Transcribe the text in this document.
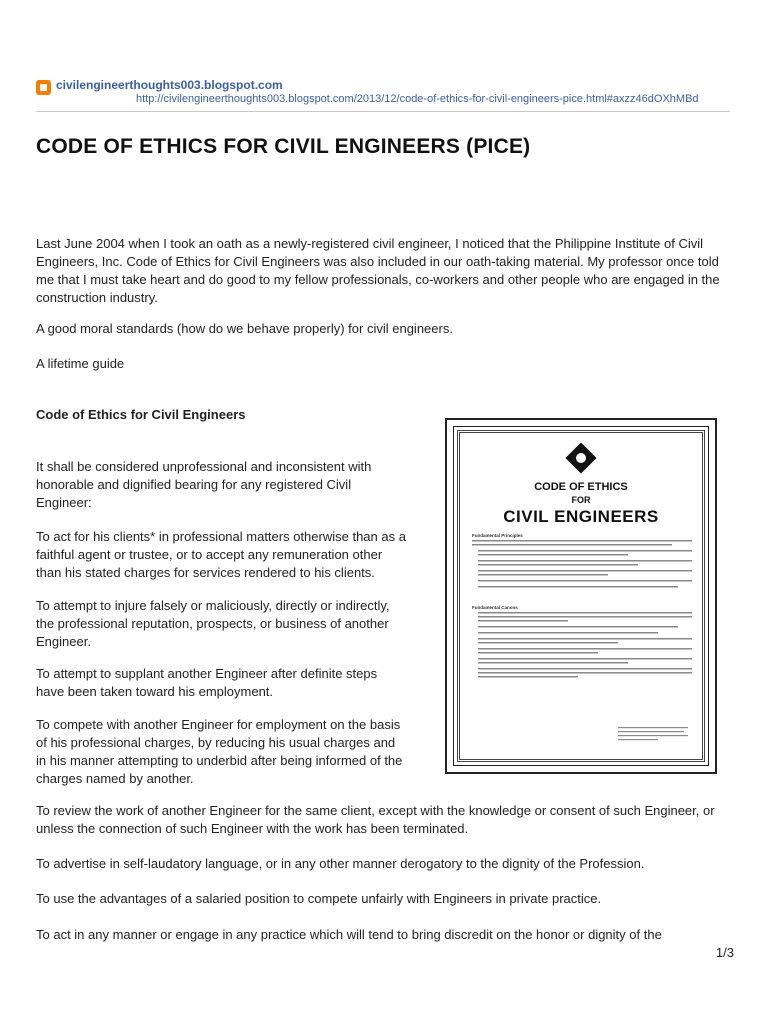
civilengineerthoughts003.blogspot.com
http://civilengineerthoughts003.blogspot.com/2013/12/code-of-ethics-for-civil-engineers-pice.html#axzz46dOXhMBd
CODE OF ETHICS FOR CIVIL ENGINEERS (PICE)

Last June 2004 when I took an oath as a newly-registered civil engineer, I noticed that the Philippine Institute of Civil Engineers, Inc. Code of Ethics for Civil Engineers was also included in our oath-taking material. My professor once told me that I must take heart and do good to my fellow professionals, co-workers and other people who are engaged in the construction industry.

A good moral standards (how do we behave properly) for civil engineers.

A lifetime guide

Code of Ethics for Civil Engineers

It shall be considered unprofessional and inconsistent with honorable and dignified bearing for any registered Civil Engineer:

To act for his clients* in professional matters otherwise than as a faithful agent or trustee, or to accept any remuneration other than his stated charges for services rendered to his clients.

To attempt to injure falsely or maliciously, directly or indirectly, the professional reputation, prospects, or business of another Engineer.

To attempt to supplant another Engineer after definite steps have been taken toward his employment.

To compete with another Engineer for employment on the basis of his professional charges, by reducing his usual charges and in his manner attempting to underbid after being informed of the charges named by another.

To review the work of another Engineer for the same client, except with the knowledge or consent of such Engineer, or unless the connection of such Engineer with the work has been terminated.

To advertise in self-laudatory language, or in any other manner derogatory to the dignity of the Profession.

To use the advantages of a salaried position to compete unfairly with Engineers in private practice.

To act in any manner or engage in any practice which will tend to bring discredit on the honor or dignity of the

CODE OF ETHICS
FOR
CIVIL ENGINEERS
Fundamental Principles
Fundamental Canons
1/3
